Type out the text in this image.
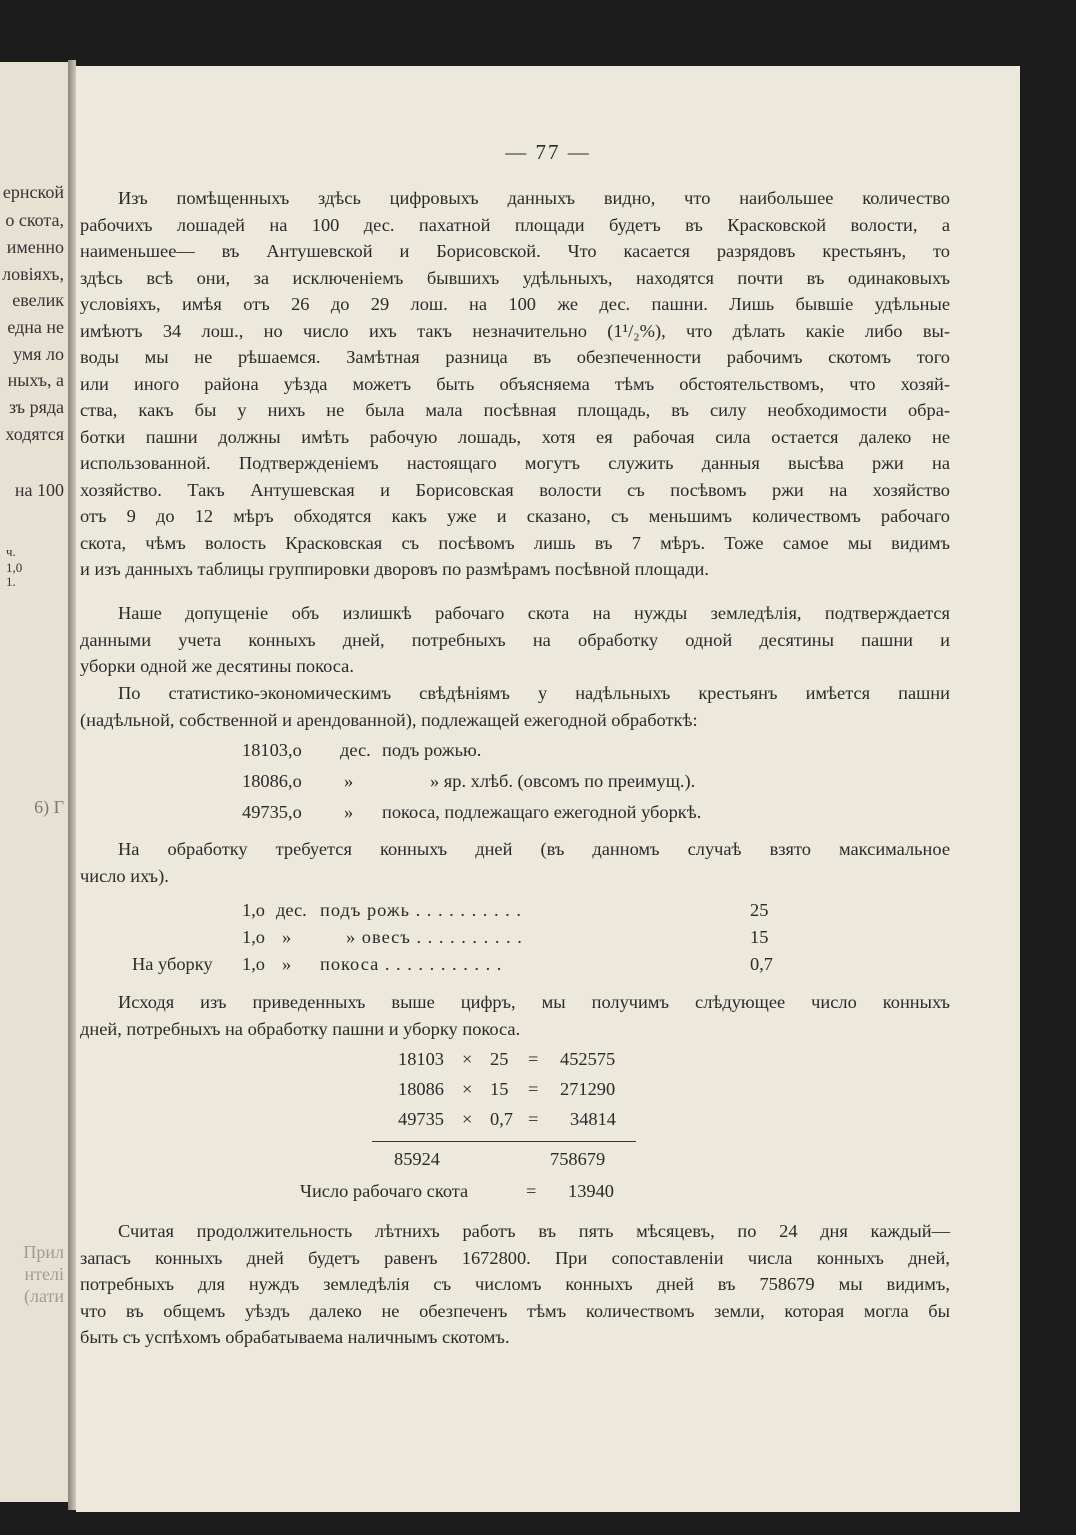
ернской
о скота,
именно
ловіяхъ,
евелик
една не
умя ло
ныхъ, а
зъ ряда
ходятся
на 100
ч.
1,0
1.
6) Г
Прил
нтелі
(лати
— 77 —
Изъ помѣщенныхъ здѣсь цифровыхъ данныхъ видно, что наибольшее количество
рабочихъ лошадей на 100 дес. пахатной площади будетъ въ Красковской волости, а
наименьшее— въ Антушевской и Борисовской. Что касается разрядовъ крестьянъ, то
здѣсь всѣ они, за исключеніемъ бывшихъ удѣльныхъ, находятся почти въ одинаковыхъ
условіяхъ, имѣя отъ 26 до 29 лош. на 100 же дес. пашни. Лишь бывшіе удѣльные
имѣютъ 34 лош., но число ихъ такъ незначительно (1¹/₂%), что дѣлать какіе либо вы-
воды мы не рѣшаемся. Замѣтная разница въ обезпеченности рабочимъ скотомъ того
или иного района уѣзда можетъ быть объясняема тѣмъ обстоятельствомъ, что хозяй-
ства, какъ бы у нихъ не была мала посѣвная площадь, въ силу необходимости обра-
ботки пашни должны имѣть рабочую лошадь, хотя ея рабочая сила остается далеко не
использованной. Подтвержденіемъ настоящаго могутъ служить данныя высѣва ржи на
хозяйство. Такъ Антушевская и Борисовская волости съ посѣвомъ ржи на хозяйство
отъ 9 до 12 мѣръ обходятся какъ уже и сказано, съ меньшимъ количествомъ рабочаго
скота, чѣмъ волость Красковская съ посѣвомъ лишь въ 7 мѣръ. Тоже самое мы видимъ
и изъ данныхъ таблицы группировки дворовъ по размѣрамъ посѣвной площади.
Наше допущеніе объ излишкѣ рабочаго скота на нужды земледѣлія, подтверждается
данными учета конныхъ дней, потребныхъ на обработку одной десятины пашни и
уборки одной же десятины покоса.
По статистико-экономическимъ свѣдѣніямъ у надѣльныхъ крестьянъ имѣется пашни
(надѣльной, собственной и арендованной), подлежащей ежегодной обработкѣ:
18103,о дес. подъ рожью.
18086,о »	» яр. хлѣб. (овсомъ по преимущ.).
49735,о » покоса, подлежащаго ежегодной уборкѣ.
На обработку требуется конныхъ дней (въ данномъ случаѣ взято максимальное
число ихъ).
1,о дес. подъ рожь . . . . . . . . . .	25
1,о »	» овесъ . . . . . . . . . .	15
На уборку 1,о » покоса . . . . . . . . . . .	0,7
Исходя изъ приведенныхъ выше цифръ, мы получимъ слѣдующее число конныхъ
дней, потребныхъ на обработку пашни и уборку покоса.
18103 × 25 = 452575
18086 × 15 = 271290
49735 × 0,7 = 34814
85924	758679
Число рабочаго скота	= 13940
Считая продолжительность лѣтнихъ работъ въ пять мѣсяцевъ, по 24 дня каждый—
запасъ конныхъ дней будетъ равенъ 1672800. При сопоставленіи числа конныхъ дней,
потребныхъ для нуждъ земледѣлія съ числомъ конныхъ дней въ 758679 мы видимъ,
что въ общемъ уѣздъ далеко не обезпеченъ тѣмъ количествомъ земли, которая могла бы
быть съ успѣхомъ обрабатываема наличнымъ скотомъ.
